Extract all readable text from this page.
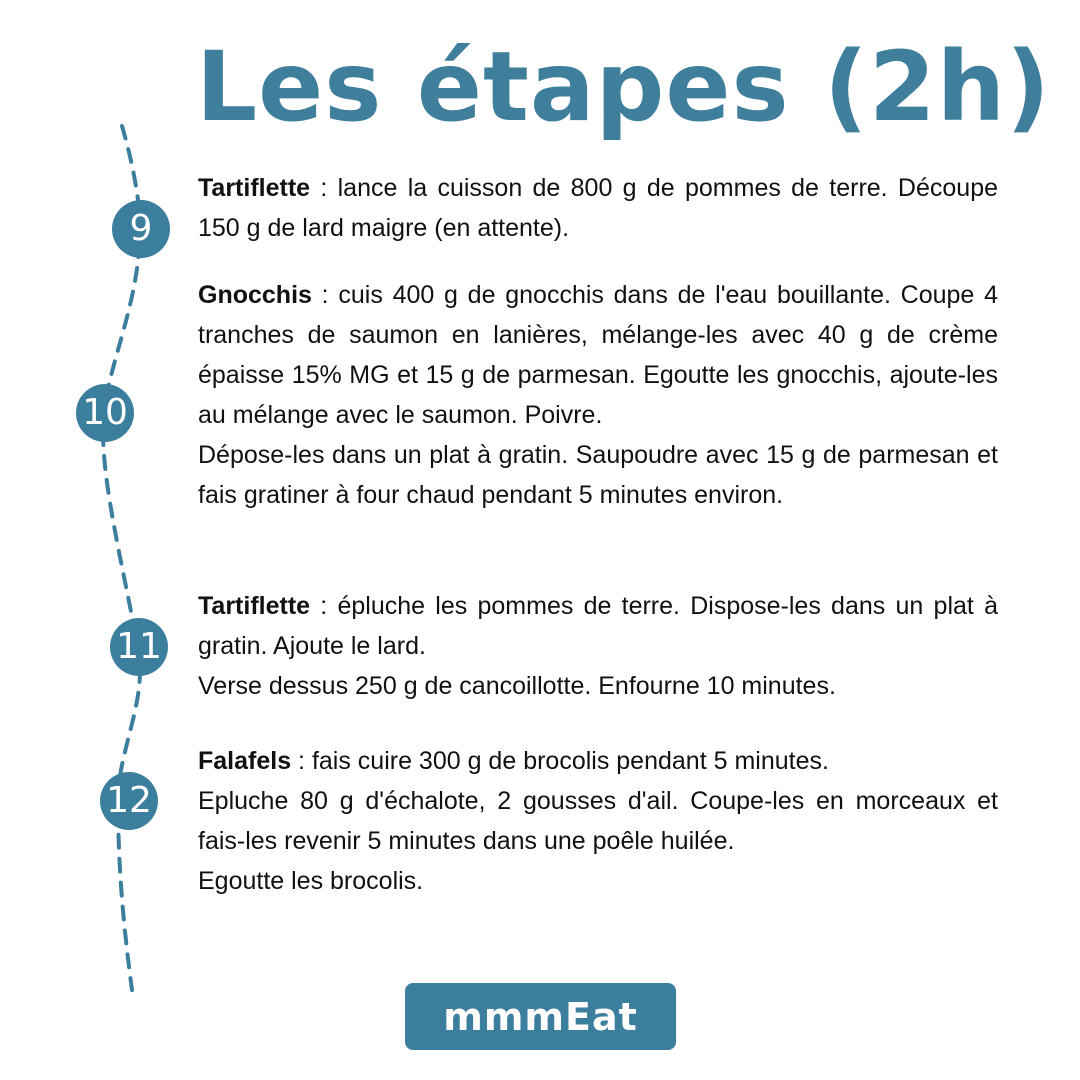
Les étapes (2h)
9

Tartiflette : lance la cuisson de 800 g de pommes de terre. Découpe 150 g de lard maigre (en attente).

10

Gnocchis : cuis 400 g de gnocchis dans de l'eau bouillante. Coupe 4 tranches de saumon en lanières, mélange-les avec 40 g de crème épaisse 15% MG et 15 g de parmesan. Egoutte les gnocchis, ajoute-les au mélange avec le saumon. Poivre.

Dépose-les dans un plat à gratin. Saupoudre avec 15 g de parmesan et fais gratiner à four chaud pendant 5 minutes environ.

11

Tartiflette : épluche les pommes de terre. Dispose-les dans un plat à gratin. Ajoute le lard.

Verse dessus 250 g de cancoillotte. Enfourne 10 minutes.

12

Falafels : fais cuire 300 g de brocolis pendant 5 minutes.

Epluche 80 g d'échalote, 2 gousses d'ail. Coupe-les en morceaux et fais-les revenir 5 minutes dans une poêle huilée.

Egoutte les brocolis.

mmmEat
